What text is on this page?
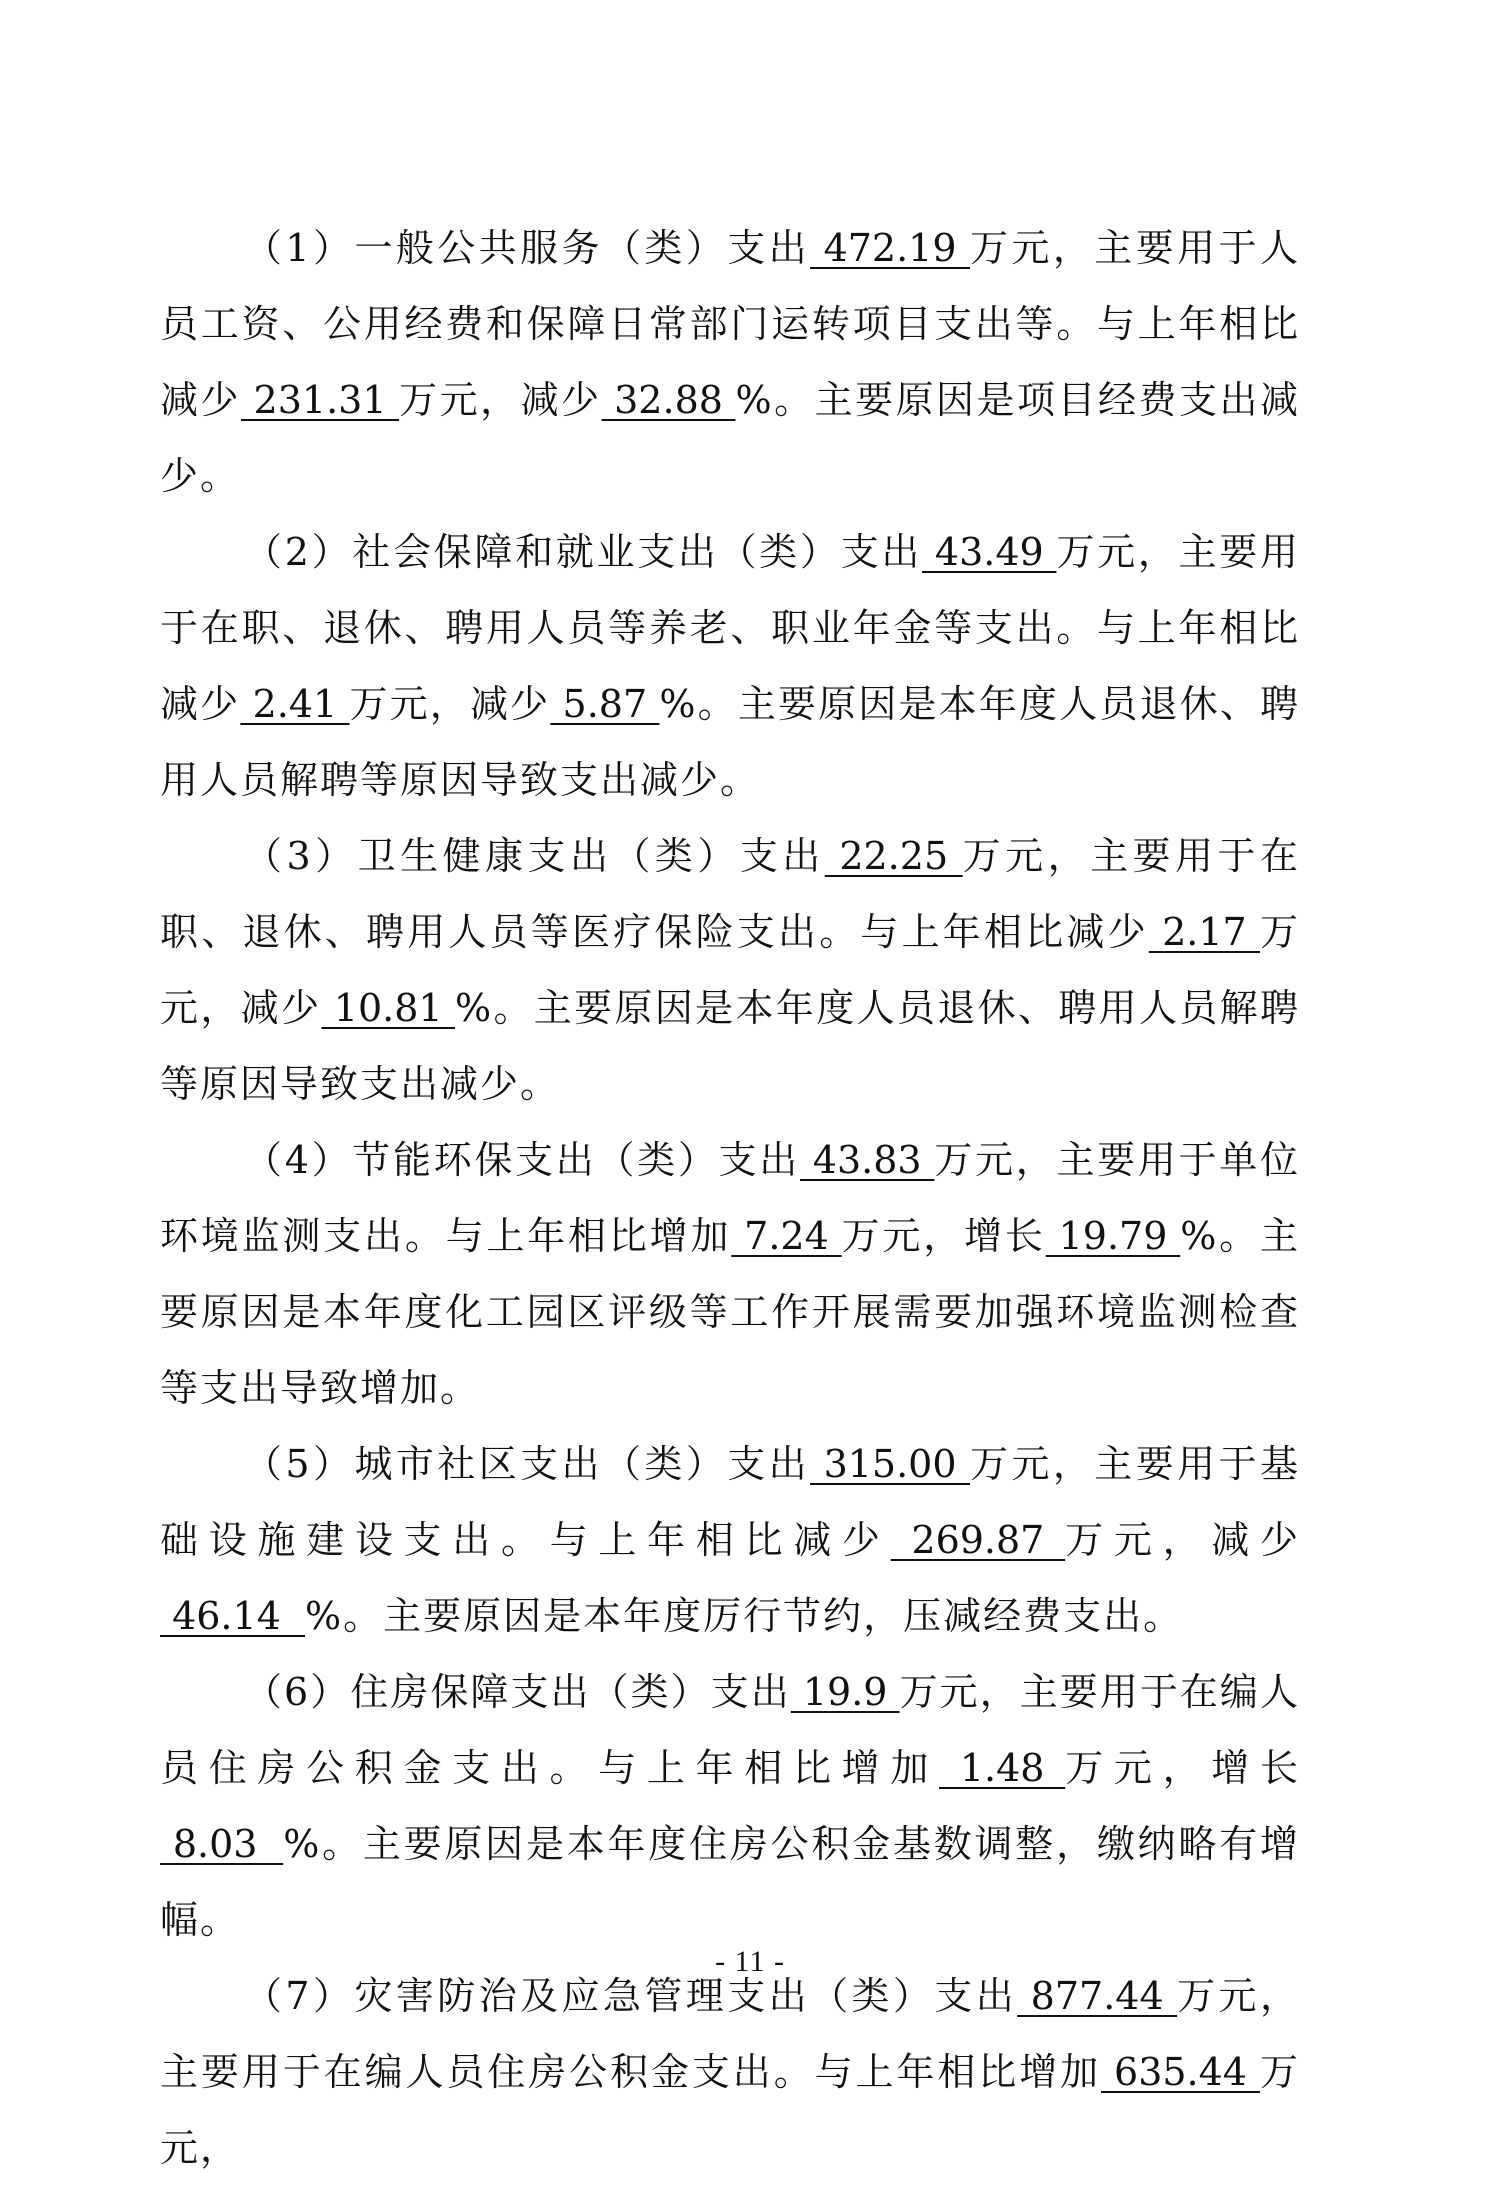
（1）一般公共服务（类）支出 472.19 万元，主要用于人员工资、公用经费和保障日常部门运转项目支出等。与上年相比减少 231.31 万元，减少 32.88 %。主要原因是项目经费支出减少。

（2）社会保障和就业支出（类）支出 43.49 万元，主要用于在职、退休、聘用人员等养老、职业年金等支出。与上年相比减少 2.41 万元，减少 5.87 %。主要原因是本年度人员退休、聘用人员解聘等原因导致支出减少。

（3）卫生健康支出（类）支出 22.25 万元，主要用于在职、退休、聘用人员等医疗保险支出。与上年相比减少 2.17 万元，减少 10.81 %。主要原因是本年度人员退休、聘用人员解聘等原因导致支出减少。

（4）节能环保支出（类）支出 43.83 万元，主要用于单位环境监测支出。与上年相比增加 7.24 万元，增长 19.79 %。主要原因是本年度化工园区评级等工作开展需要加强环境监测检查等支出导致增加。

（5）城市社区支出（类）支出 315.00 万元，主要用于基础设施建设支出。与上年相比减少 269.87 万元，减少 46.14  %。主要原因是本年度厉行节约，压减经费支出。

（6）住房保障支出（类）支出 19.9 万元，主要用于在编人员住房公积金支出。与上年相比增加 1.48 万元，增长 8.03  %。主要原因是本年度住房公积金基数调整，缴纳略有增幅。

（7）灾害防治及应急管理支出（类）支出 877.44 万元，主要用于在编人员住房公积金支出。与上年相比增加 635.44 万元，

- 11 -
